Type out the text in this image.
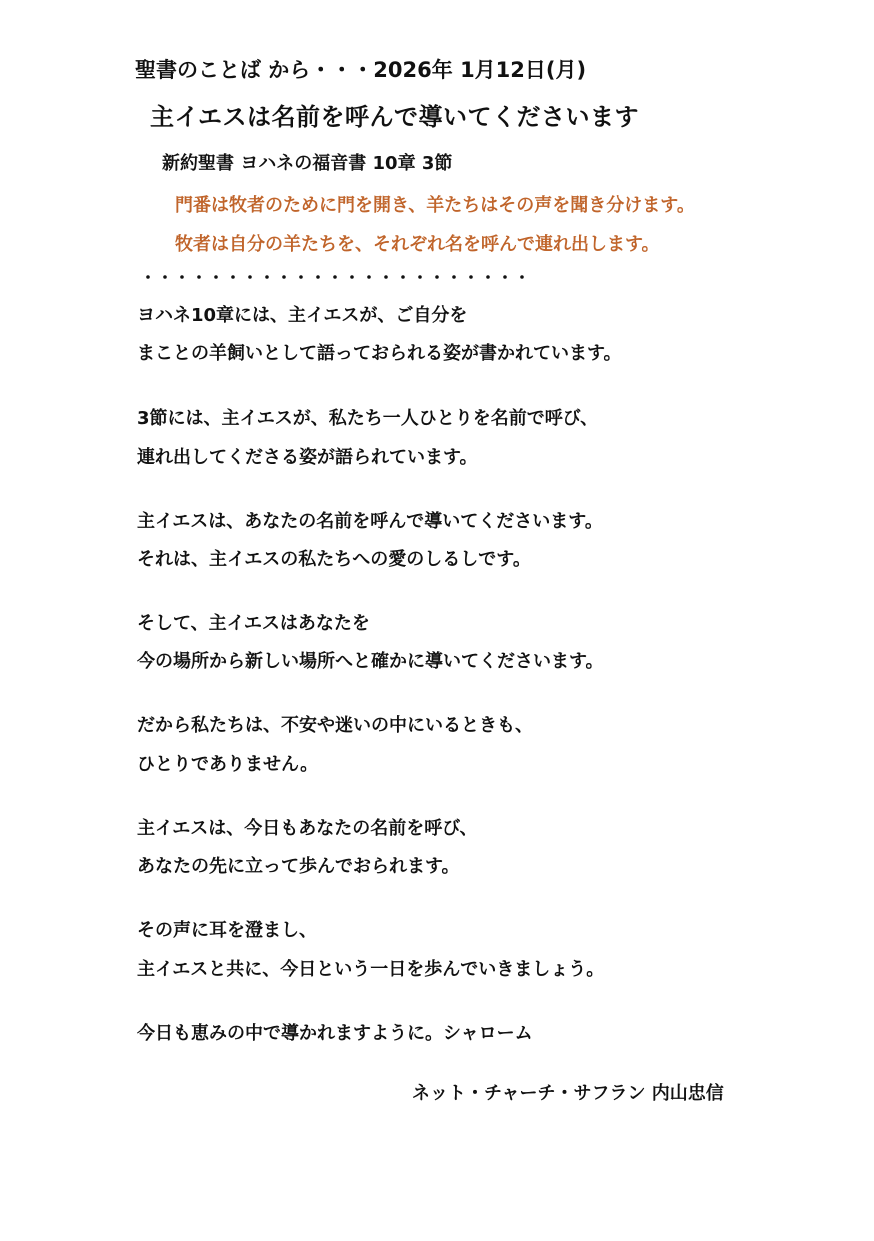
聖書のことば から・・・2026年 1月12日(月)
主イエスは名前を呼んで導いてくださいます
新約聖書 ヨハネの福音書 10章 3節
門番は牧者のために門を開き、羊たちはその声を聞き分けます。
牧者は自分の羊たちを、それぞれ名を呼んで連れ出します。
・・・・・・・・・・・・・・・・・・・・・・・
ヨハネ10章には、主イエスが、ご自分を
まことの羊飼いとして語っておられる姿が書かれています。
3節には、主イエスが、私たち一人ひとりを名前で呼び、
連れ出してくださる姿が語られています。
主イエスは、あなたの名前を呼んで導いてくださいます。
それは、主イエスの私たちへの愛のしるしです。
そして、主イエスはあなたを
今の場所から新しい場所へと確かに導いてくださいます。
だから私たちは、不安や迷いの中にいるときも、
ひとりでありません。
主イエスは、今日もあなたの名前を呼び、
あなたの先に立って歩んでおられます。
その声に耳を澄まし、
主イエスと共に、今日という一日を歩んでいきましょう。
今日も恵みの中で導かれますように。シャローム
ネット・チャーチ・サフラン 内山忠信
